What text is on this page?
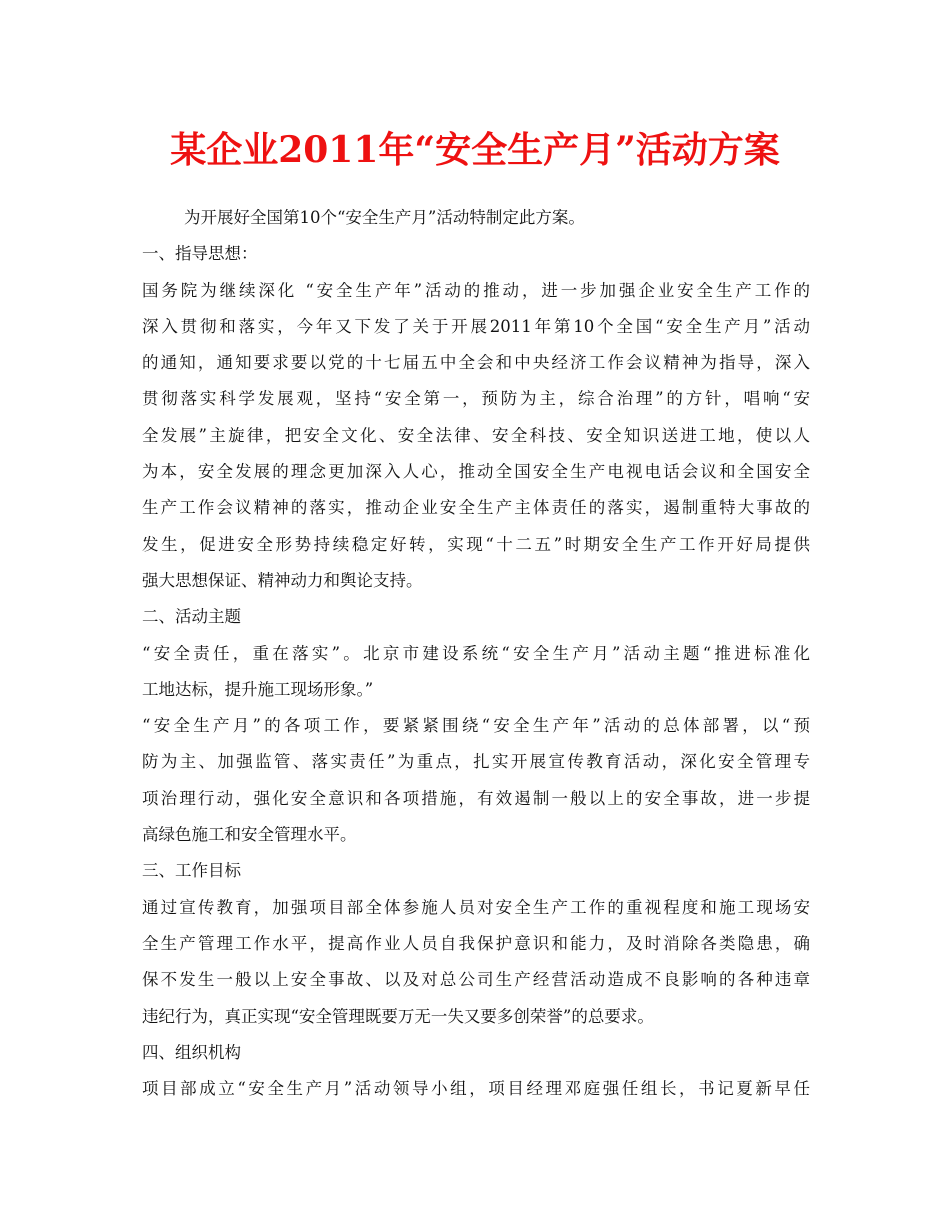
某企业2011年“安全生产月”活动方案
为开展好全国第10个“安全生产月”活动特制定此方案。
一、指导思想：
国务院为继续深化 “安全生产年”活动的推动，进一步加强企业安全生产工作的
深入贯彻和落实，今年又下发了关于开展2011年第10个全国“安全生产月”活动
的通知，通知要求要以党的十七届五中全会和中央经济工作会议精神为指导，深入
贯彻落实科学发展观，坚持“安全第一，预防为主，综合治理”的方针，唱响“安
全发展”主旋律，把安全文化、安全法律、安全科技、安全知识送进工地，使以人
为本，安全发展的理念更加深入人心，推动全国安全生产电视电话会议和全国安全
生产工作会议精神的落实，推动企业安全生产主体责任的落实，遏制重特大事故的
发生，促进安全形势持续稳定好转，实现“十二五”时期安全生产工作开好局提供
强大思想保证、精神动力和舆论支持。
二、活动主题
“安全责任，重在落实”。北京市建设系统“安全生产月”活动主题“推进标准化
工地达标，提升施工现场形象。”
“安全生产月”的各项工作，要紧紧围绕“安全生产年”活动的总体部署，以“预
防为主、加强监管、落实责任”为重点，扎实开展宣传教育活动，深化安全管理专
项治理行动，强化安全意识和各项措施，有效遏制一般以上的安全事故，进一步提
高绿色施工和安全管理水平。
三、工作目标
通过宣传教育，加强项目部全体参施人员对安全生产工作的重视程度和施工现场安
全生产管理工作水平，提高作业人员自我保护意识和能力，及时消除各类隐患，确
保不发生一般以上安全事故、以及对总公司生产经营活动造成不良影响的各种违章
违纪行为，真正实现“安全管理既要万无一失又要多创荣誉”的总要求。
四、组织机构
项目部成立“安全生产月”活动领导小组，项目经理邓庭强任组长，书记夏新早任
